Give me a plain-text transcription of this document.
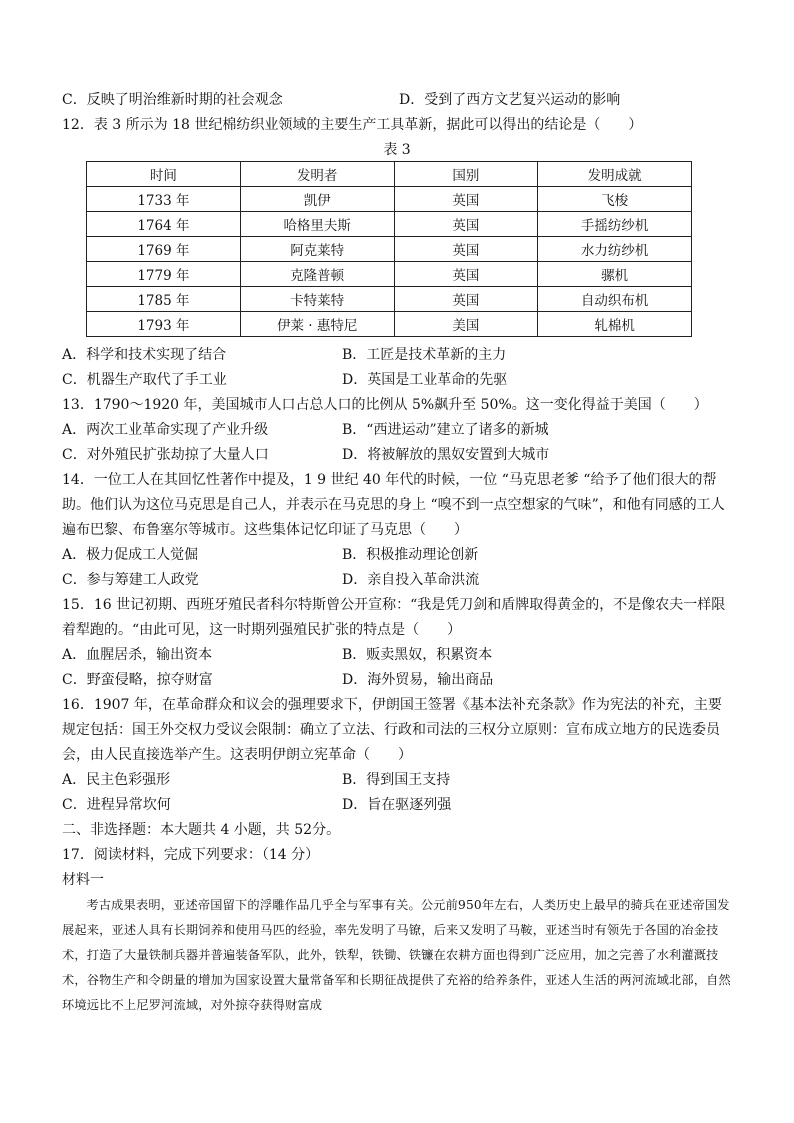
C．反映了明治维新时期的社会观念	D．受到了西方文艺复兴运动的影响
12．表 3 所示为 18 世纪棉纺织业领域的主要生产工具革新，据此可以得出的结论是（　　）
表 3
时间	发明者	国别	发明成就
1733 年	凯伊	英国	飞梭
1764 年	哈格里夫斯	英国	手摇纺纱机
1769 年	阿克莱特	英国	水力纺纱机
1779 年	克隆普顿	英国	骡机
1785 年	卡特莱特	英国	自动织布机
1793 年	伊莱 · 惠特尼	美国	轧棉机
A．科学和技术实现了结合	B．工匠是技术革新的主力
C．机器生产取代了手工业	D．英国是工业革命的先驱
13．1790～1920 年，美国城市人口占总人口的比例从 5%飙升至 50%。这一变化得益于美国（　　）
A．两次工业革命实现了产业升级	B．“西进运动”建立了诸多的新城
C．对外殖民扩张劫掠了大量人口	D．将被解放的黑奴安置到大城市
14．一位工人在其回忆性著作中提及，1 9 世纪 40 年代的时候，一位 “马克思老爹 “给予了他们很大的帮
助。他们认为这位马克思是自己人，并表示在马克思的身上 “嗅不到一点空想家的气味”，和他有同感的工人
遍布巴黎、布鲁塞尔等城市。这些集体记忆印证了马克思（　　）
A．极力促成工人觉倔	B．积极推动理论创新
C．参与筹建工人政党	D．亲自投入革命洪流
15．16 世记初期、西班牙殖民者科尔特斯曾公开宣称：“我是凭刀剑和盾牌取得黄金的，不是像农夫一样限
着犁跑的。“由此可见，这一时期列强殖民扩张的特点是（　　）
A．血腥居杀，输出资本	B．贩卖黑奴，积累资本
C．野蛮侵略，掠夺财富	D．海外贸易，输出商品
16．1907 年，在革命群众和议会的强理要求下，伊朗国王签署《基本法补充条款》作为宪法的补充，主要
规定包括：国王外交权力受议会限制：确立了立法、行政和司法的三权分立原则：宣布成立地方的民选委员
会，由人民直接选举产生。这表明伊朗立宪革命（　　）
A．民主色彩强形	B．得到国王支持
C．进程异常坎何	D．旨在驱逐列强
二、非选择题：本大题共 4 小题，共 52分。
17．阅读材料，完成下列要求：（14 分）
材料一
考古成果表明，亚述帝国留下的浮雕作品几乎全与军事有关。公元前950年左右，人类历史上最早的骑兵在亚述帝国发展起来，亚述人具有长期饲养和使用马匹的经验，率先发明了马镣，后来又发明了马鞍，亚述当时有领先于各国的冶金技术，打造了大量铁制兵器并普遍装备军队，此外，铁犁，铁锄、铁镰在农耕方面也得到广泛应用，加之完善了水利灌溉技术，谷物生产和令朗量的增加为国家设置大量常备军和长期征战提供了充裕的给养条件，亚述人生活的两河流域北部，自然环境远比不上尼罗河流域，对外掠夺获得财富成
